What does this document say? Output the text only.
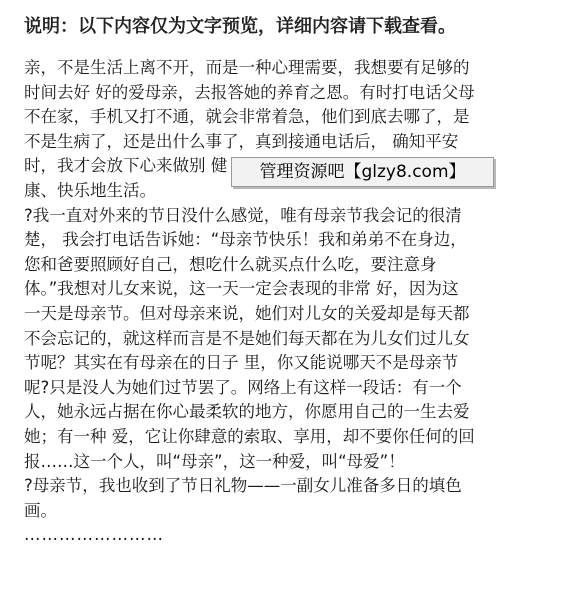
说明：以下内容仅为文字预览，详细内容请下载查看。

亲，不是生活上离不开，而是一种心理需要，我想要有足够的

时间去好 好的爱母亲，去报答她的养育之恩。有时打电话父母

不在家，手机又打不通，就会非常着急，他们到底去哪了，是

不是生病了，还是出什么事了，真到接通电话后， 确知平安

时，我才会放下心来做别 健

康、快乐地生活。

?我一直对外来的节日没什么感觉，唯有母亲节我会记的很清

楚， 我会打电话告诉她：“母亲节快乐！我和弟弟不在身边，

您和爸要照顾好自己，想吃什么就买点什么吃，要注意身

体。”我想对儿女来说，这一天一定会表现的非常 好，因为这

一天是母亲节。但对母亲来说，她们对儿女的关爱却是每天都

不会忘记的，就这样而言是不是她们每天都在为儿女们过儿女

节呢？其实在有母亲在的日子 里，你又能说哪天不是母亲节

呢?只是没人为她们过节罢了。网络上有这样一段话：有一个

人，她永远占据在你心最柔软的地方，你愿用自己的一生去爱

她；有一种 爱，它让你肆意的索取、享用，却不要你任何的回

报……这一个人，叫“母亲”，这一种爱，叫“母爱”！

?母亲节，我也收到了节日礼物——一副女儿准备多日的填色

画。

……………………

管理资源吧【glzy8.com】
